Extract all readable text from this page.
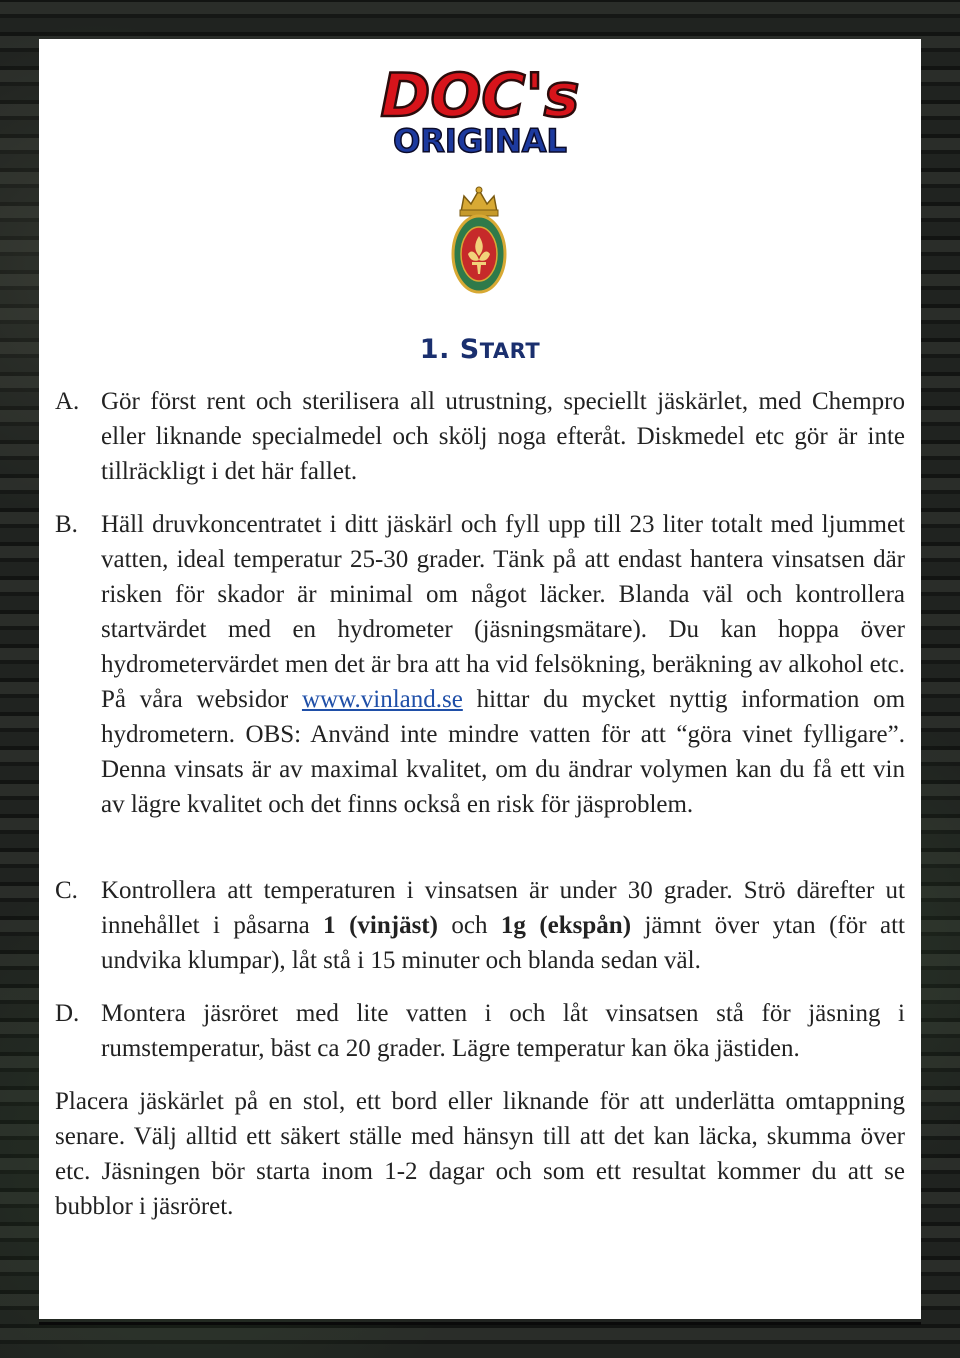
DOC's
ORIGINAL
1. START
A. Gör först rent och sterilisera all utrustning, speciellt jäskärlet, med Chempro eller liknande specialmedel och skölj noga efteråt. Diskmedel etc gör är inte tillräckligt i det här fallet.

B. Häll druvkoncentratet i ditt jäskärl och fyll upp till 23 liter totalt med ljummet vatten, ideal temperatur 25-30 grader. Tänk på att endast hantera vinsatsen där risken för skador är minimal om något läcker. Blanda väl och kontrollera startvärdet med en hydrometer (jäsningsmätare). Du kan hoppa över hydrometervärdet men det är bra att ha vid felsökning, beräkning av alkohol etc. På våra websidor www.vinland.se hittar du mycket nyttig information om hydrometern. OBS: Använd inte mindre vatten för att “göra vinet fylligare”. Denna vinsats är av maximal kvalitet, om du ändrar volymen kan du få ett vin av lägre kvalitet och det finns också en risk för jäsproblem.

C. Kontrollera att temperaturen i vinsatsen är under 30 grader. Strö därefter ut innehållet i påsarna 1 (vinjäst) och 1g (ekspån) jämnt över ytan (för att undvika klumpar), låt stå i 15 minuter och blanda sedan väl.

D. Montera jäsröret med lite vatten i och låt vinsatsen stå för jäsning i rumstemperatur, bäst ca 20 grader. Lägre temperatur kan öka jästiden.

Placera jäskärlet på en stol, ett bord eller liknande för att underlätta omtappning senare. Välj alltid ett säkert ställe med hänsyn till att det kan läcka, skumma över etc. Jäsningen bör starta inom 1-2 dagar och som ett resultat kommer du att se bubblor i jäsröret.
